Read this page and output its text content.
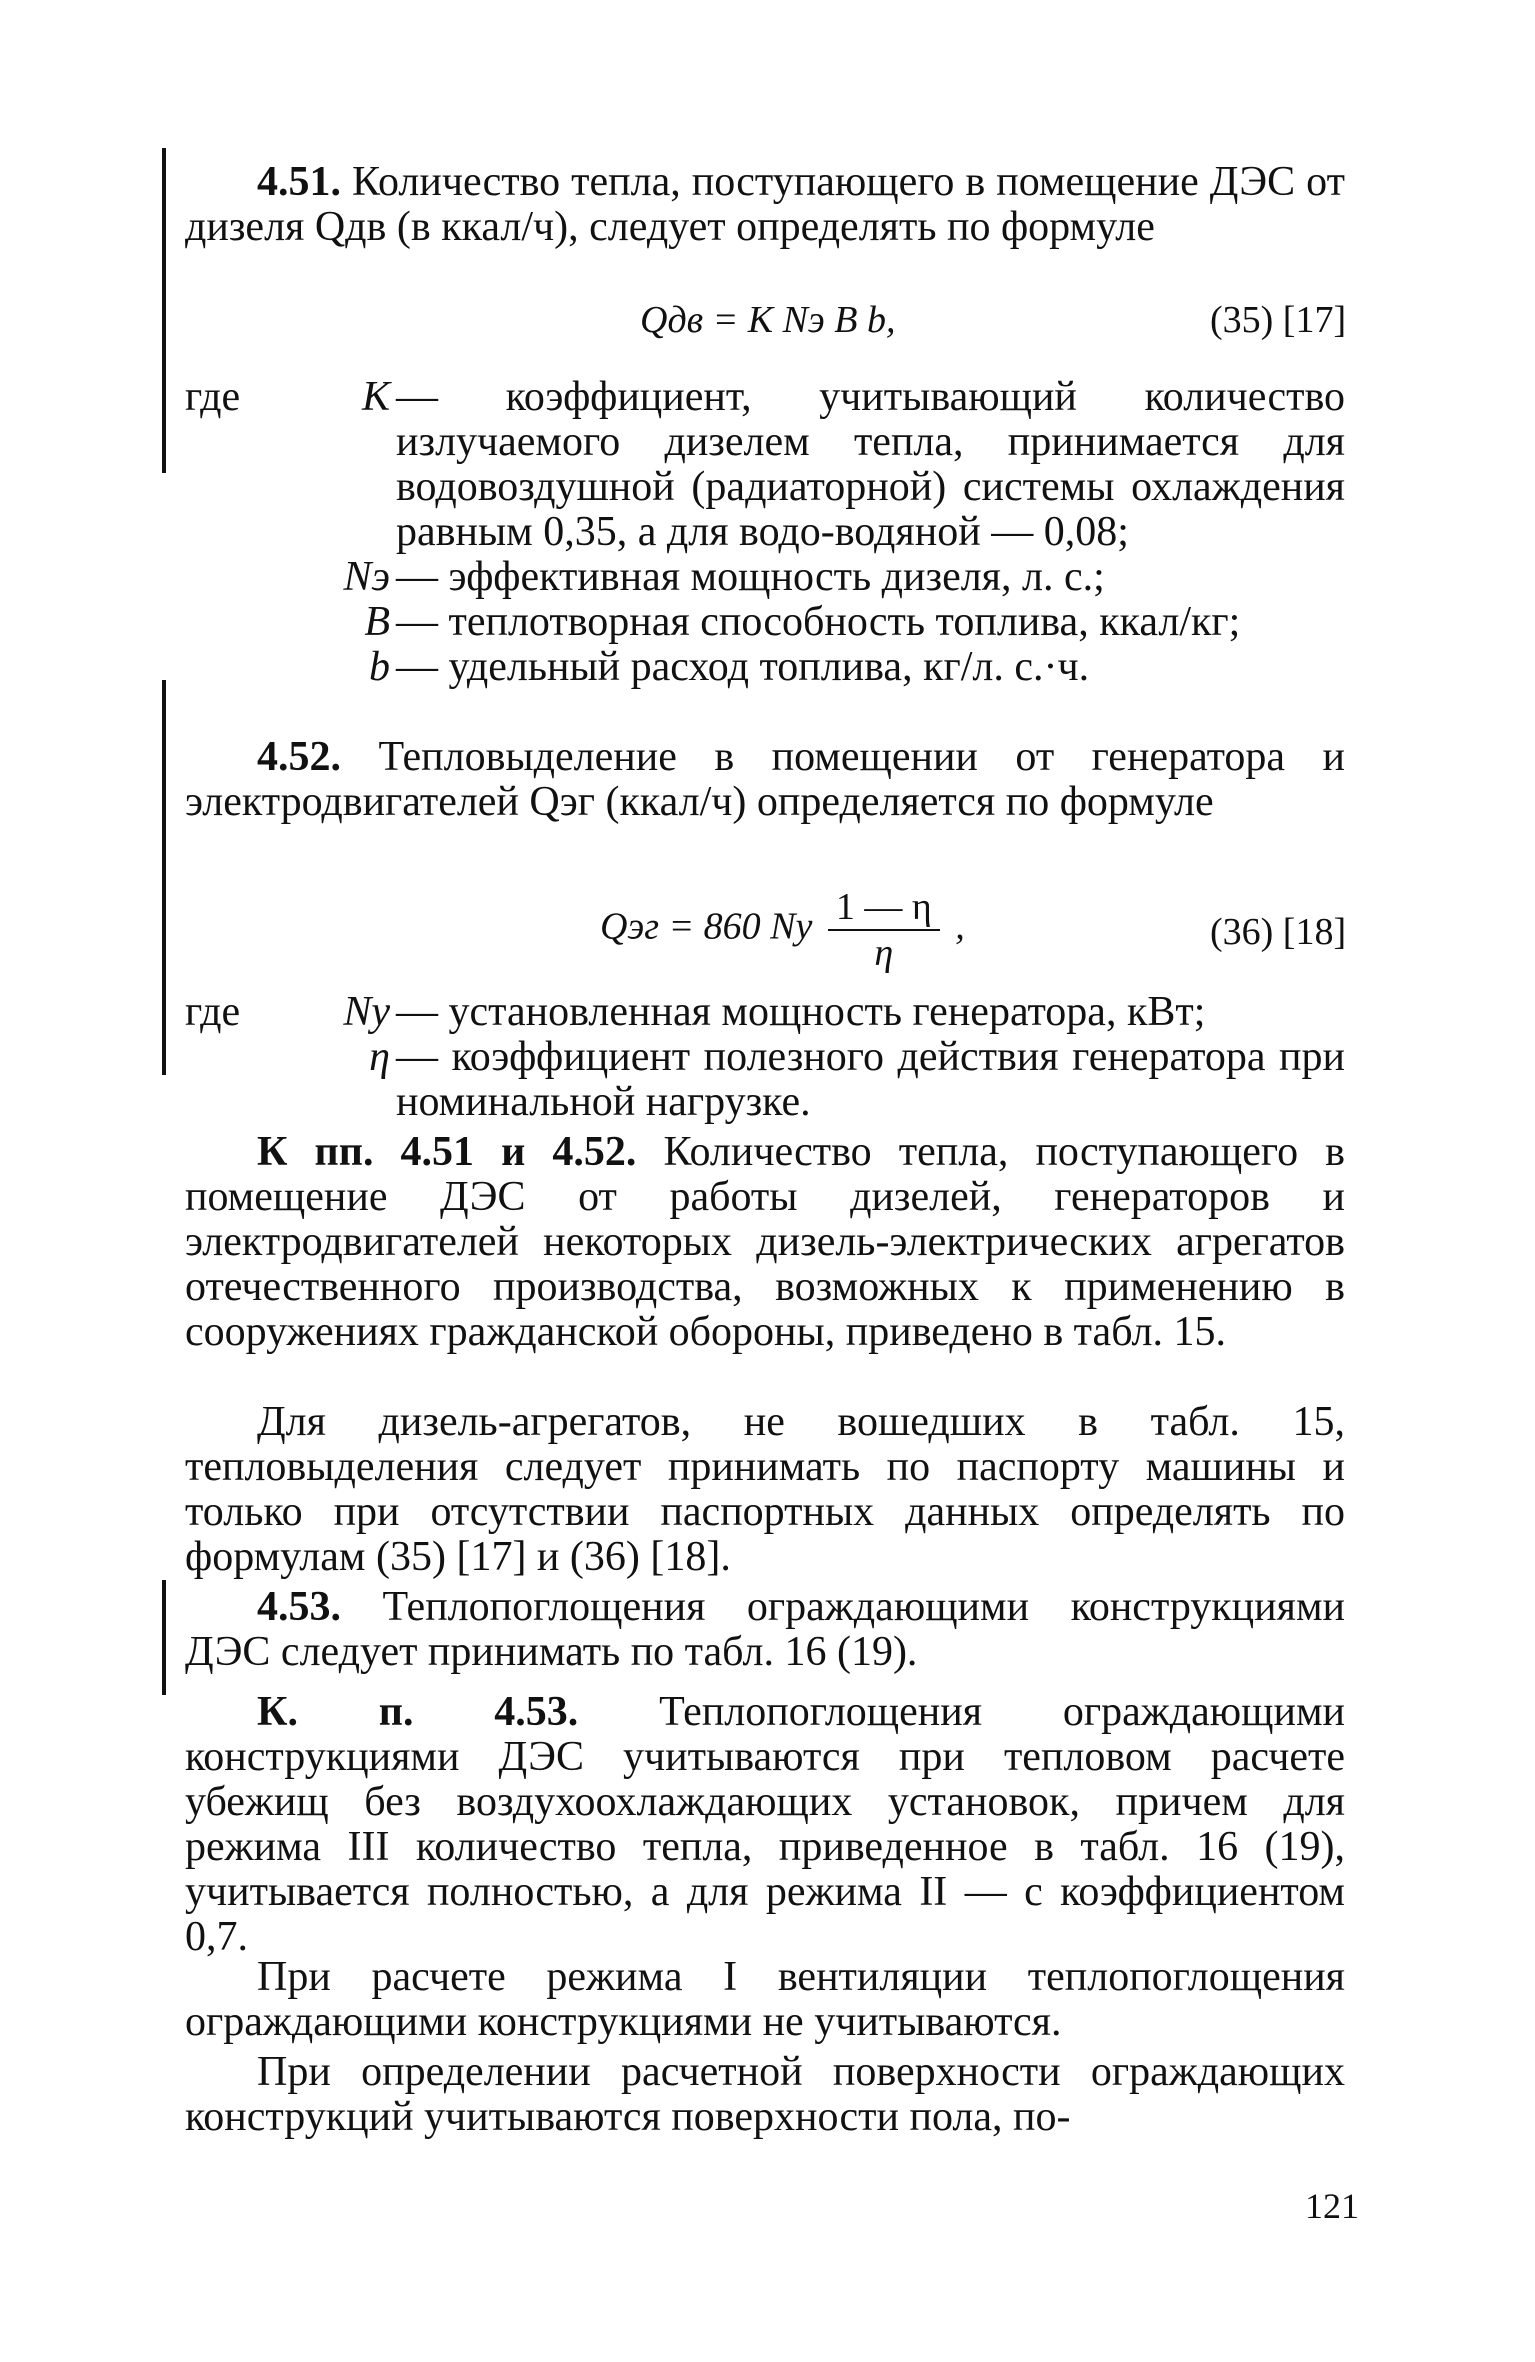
4.51. Количество тепла, поступающего в помещение ДЭС от дизеля Qдв (в ккал/ч), следует определять по формуле
Qдв = K Nэ B b,	(35) [17]
где	K — коэффициент, учитывающий количество излучаемого дизелем тепла, принимается для водовоздушной (радиаторной) системы охлаждения равным 0,35, а для водо-водяной — 0,08;
Nэ — эффективная мощность дизеля, л. с.;
B — теплотворная способность топлива, ккал/кг;
b — удельный расход топлива, кг/л. с.·ч.
4.52. Тепловыделение в помещении от генератора и электродвигателей Qэг (ккал/ч) определяется по формуле
Qэг = 860 Nу $\frac{1 — \eta}{\eta}$ ,	(36) [18]
где Nу — установленная мощность генератора, кВт;
η — коэффициент полезного действия генератора при номинальной нагрузке.
К пп. 4.51 и 4.52. Количество тепла, поступающего в помещение ДЭС от работы дизелей, генераторов и электродвигателей некоторых дизель-электрических агрегатов отечественного производства, возможных к применению в сооружениях гражданской обороны, приведено в табл. 15.
Для дизель-агрегатов, не вошедших в табл. 15, тепловыделения следует принимать по паспорту машины и только при отсутствии паспортных данных определять по формулам (35) [17] и (36) [18].
4.53. Теплопоглощения ограждающими конструкциями ДЭС следует принимать по табл. 16 (19).
К. п. 4.53. Теплопоглощения ограждающими конструкциями ДЭС учитываются при тепловом расчете убежищ без воздухоохлаждающих установок, причем для режима III количество тепла, приведенное в табл. 16 (19), учитывается полностью, а для режима II — с коэффициентом 0,7.
При расчете режима I вентиляции теплопоглощения ограждающими конструкциями не учитываются.
При определении расчетной поверхности ограждающих конструкций учитываются поверхности пола, по-
121
